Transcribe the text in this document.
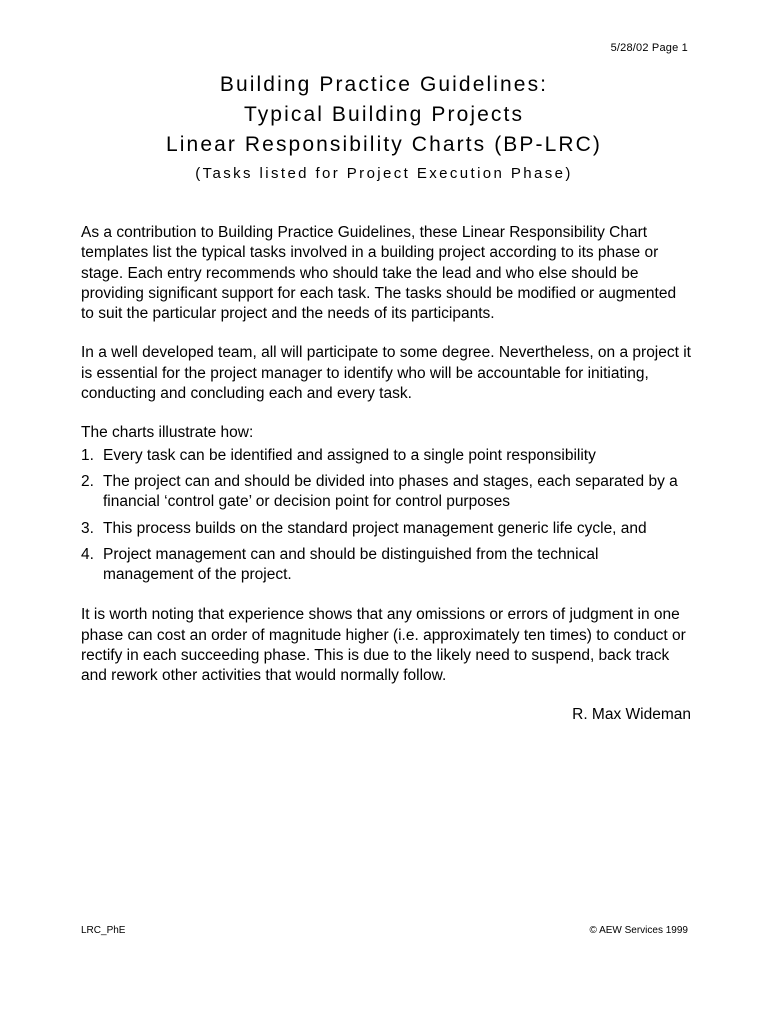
5/28/02 Page 1
Building Practice Guidelines:
Typical Building Projects
Linear Responsibility Charts (BP-LRC)
(Tasks listed for Project Execution Phase)

As a contribution to Building Practice Guidelines, these Linear Responsibility Chart templates list the typical tasks involved in a building project according to its phase or stage. Each entry recommends who should take the lead and who else should be providing significant support for each task. The tasks should be modified or augmented to suit the particular project and the needs of its participants.

In a well developed team, all will participate to some degree. Nevertheless, on a project it is essential for the project manager to identify who will be accountable for initiating, conducting and concluding each and every task.

The charts illustrate how:

1. Every task can be identified and assigned to a single point responsibility
2. The project can and should be divided into phases and stages, each separated by a financial ‘control gate’ or decision point for control purposes
3. This process builds on the standard project management generic life cycle, and
4. Project management can and should be distinguished from the technical management of the project.

It is worth noting that experience shows that any omissions or errors of judgment in one phase can cost an order of magnitude higher (i.e. approximately ten times) to conduct or rectify in each succeeding phase. This is due to the likely need to suspend, back track and rework other activities that would normally follow.

R. Max Wideman
LRC_PhE	© AEW Services 1999
